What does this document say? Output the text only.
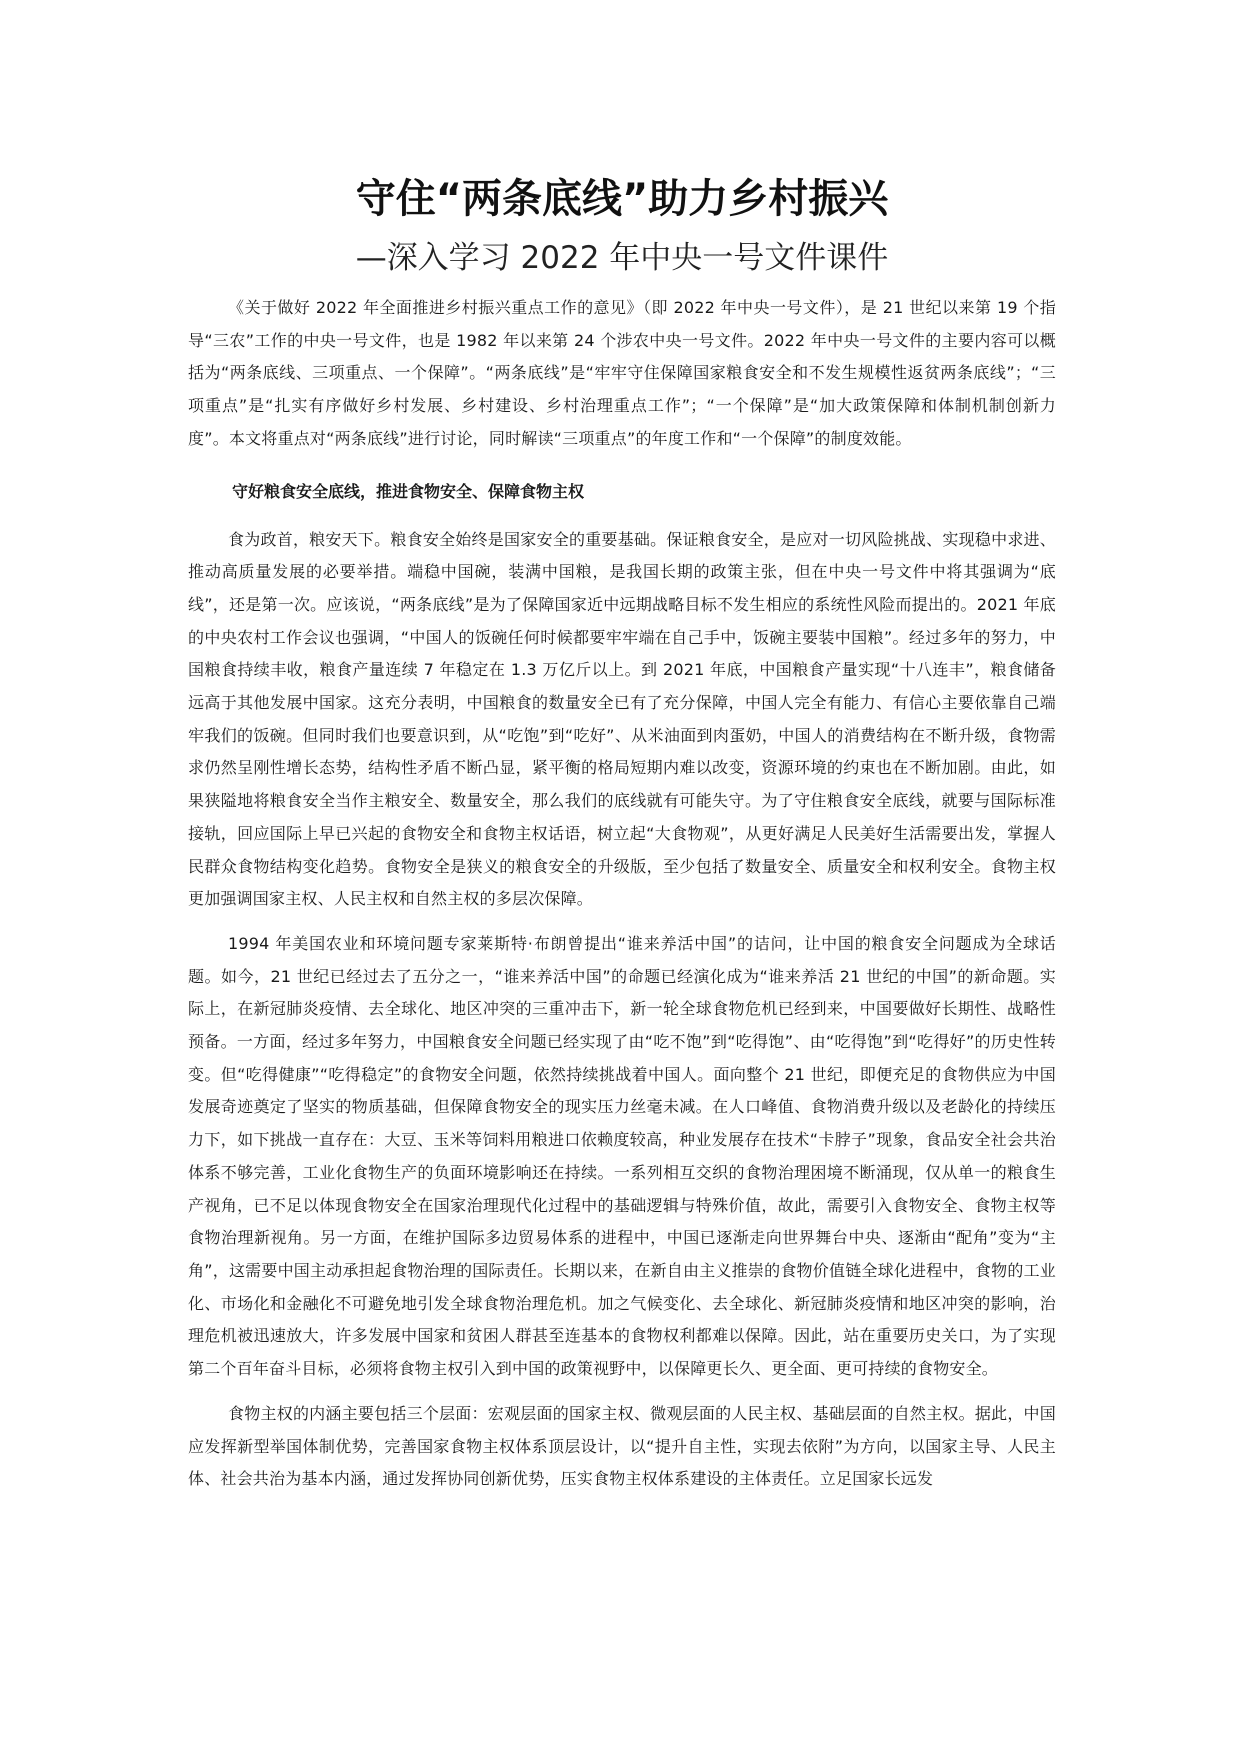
守住“两条底线”助力乡村振兴
—深入学习 2022 年中央一号文件课件

《关于做好 2022 年全面推进乡村振兴重点工作的意见》（即 2022 年中央一号文件），是 21 世纪以来第 19 个指导“三农”工作的中央一号文件，也是 1982 年以来第 24 个涉农中央一号文件。2022 年中央一号文件的主要内容可以概括为“两条底线、三项重点、一个保障”。“两条底线”是“牢牢守住保障国家粮食安全和不发生规模性返贫两条底线”；“三项重点”是“扎实有序做好乡村发展、乡村建设、乡村治理重点工作”；“一个保障”是“加大政策保障和体制机制创新力度”。本文将重点对“两条底线”进行讨论，同时解读“三项重点”的年度工作和“一个保障”的制度效能。

守好粮食安全底线，推进食物安全、保障食物主权

食为政首，粮安天下。粮食安全始终是国家安全的重要基础。保证粮食安全，是应对一切风险挑战、实现稳中求进、推动高质量发展的必要举措。端稳中国碗，装满中国粮，是我国长期的政策主张，但在中央一号文件中将其强调为“底线”，还是第一次。应该说，“两条底线”是为了保障国家近中远期战略目标不发生相应的系统性风险而提出的。2021 年底的中央农村工作会议也强调，“中国人的饭碗任何时候都要牢牢端在自己手中，饭碗主要装中国粮”。经过多年的努力，中国粮食持续丰收，粮食产量连续 7 年稳定在 1.3 万亿斤以上。到 2021 年底，中国粮食产量实现“十八连丰”，粮食储备远高于其他发展中国家。这充分表明，中国粮食的数量安全已有了充分保障，中国人完全有能力、有信心主要依靠自己端牢我们的饭碗。但同时我们也要意识到，从“吃饱”到“吃好”、从米油面到肉蛋奶，中国人的消费结构在不断升级，食物需求仍然呈刚性增长态势，结构性矛盾不断凸显，紧平衡的格局短期内难以改变，资源环境的约束也在不断加剧。由此，如果狭隘地将粮食安全当作主粮安全、数量安全，那么我们的底线就有可能失守。为了守住粮食安全底线，就要与国际标准接轨，回应国际上早已兴起的食物安全和食物主权话语，树立起“大食物观”，从更好满足人民美好生活需要出发，掌握人民群众食物结构变化趋势。食物安全是狭义的粮食安全的升级版，至少包括了数量安全、质量安全和权利安全。食物主权更加强调国家主权、人民主权和自然主权的多层次保障。

1994 年美国农业和环境问题专家莱斯特·布朗曾提出“谁来养活中国”的诘问，让中国的粮食安全问题成为全球话题。如今，21 世纪已经过去了五分之一，“谁来养活中国”的命题已经演化成为“谁来养活 21 世纪的中国”的新命题。实际上，在新冠肺炎疫情、去全球化、地区冲突的三重冲击下，新一轮全球食物危机已经到来，中国要做好长期性、战略性预备。一方面，经过多年努力，中国粮食安全问题已经实现了由“吃不饱”到“吃得饱”、由“吃得饱”到“吃得好”的历史性转变。但“吃得健康”“吃得稳定”的食物安全问题，依然持续挑战着中国人。面向整个 21 世纪，即便充足的食物供应为中国发展奇迹奠定了坚实的物质基础，但保障食物安全的现实压力丝毫未减。在人口峰值、食物消费升级以及老龄化的持续压力下，如下挑战一直存在：大豆、玉米等饲料用粮进口依赖度较高，种业发展存在技术“卡脖子”现象，食品安全社会共治体系不够完善，工业化食物生产的负面环境影响还在持续。一系列相互交织的食物治理困境不断涌现，仅从单一的粮食生产视角，已不足以体现食物安全在国家治理现代化过程中的基础逻辑与特殊价值，故此，需要引入食物安全、食物主权等食物治理新视角。另一方面，在维护国际多边贸易体系的进程中，中国已逐渐走向世界舞台中央、逐渐由“配角”变为“主角”，这需要中国主动承担起食物治理的国际责任。长期以来，在新自由主义推崇的食物价值链全球化进程中，食物的工业化、市场化和金融化不可避免地引发全球食物治理危机。加之气候变化、去全球化、新冠肺炎疫情和地区冲突的影响，治理危机被迅速放大，许多发展中国家和贫困人群甚至连基本的食物权利都难以保障。因此，站在重要历史关口，为了实现第二个百年奋斗目标，必须将食物主权引入到中国的政策视野中，以保障更长久、更全面、更可持续的食物安全。

食物主权的内涵主要包括三个层面：宏观层面的国家主权、微观层面的人民主权、基础层面的自然主权。据此，中国应发挥新型举国体制优势，完善国家食物主权体系顶层设计，以“提升自主性，实现去依附”为方向，以国家主导、人民主体、社会共治为基本内涵，通过发挥协同创新优势，压实食物主权体系建设的主体责任。立足国家长远发
